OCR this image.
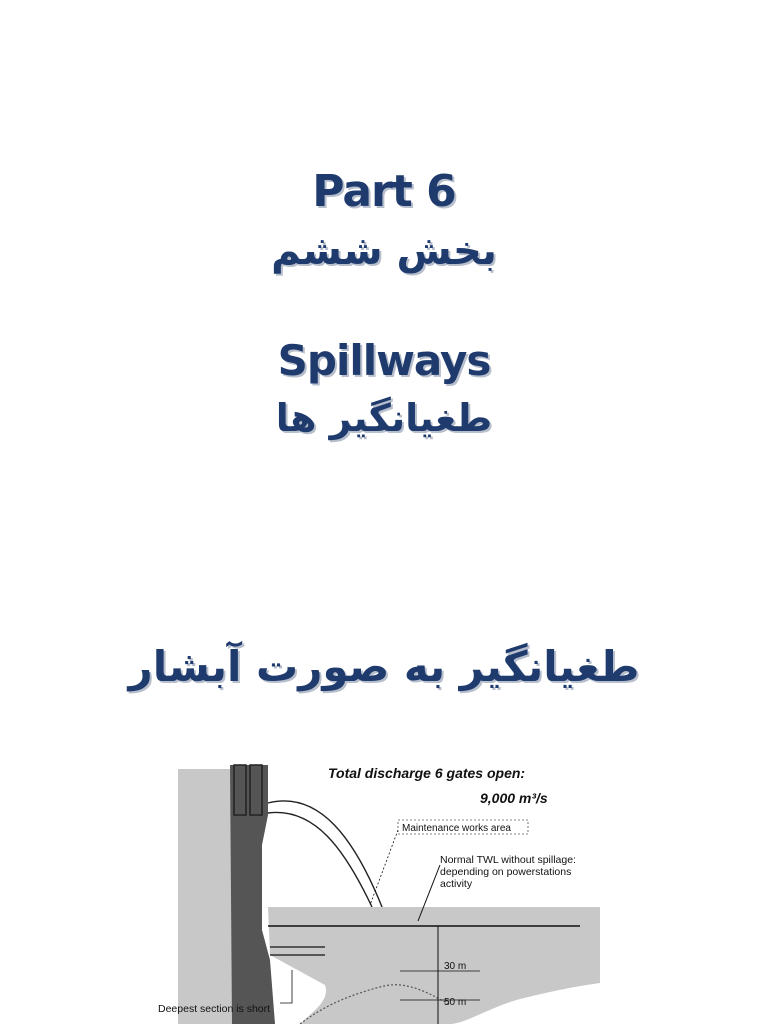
Part 6
بخش ششم
Spillways
طغیانگیر ها
طغیانگیر به صورت آبشار
Total discharge 6 gates open:
9,000 m³/s
Maintenance works area
Normal TWL without spillage:
depending on powerstations
activity
30 m
50 m
Deepest section is short
